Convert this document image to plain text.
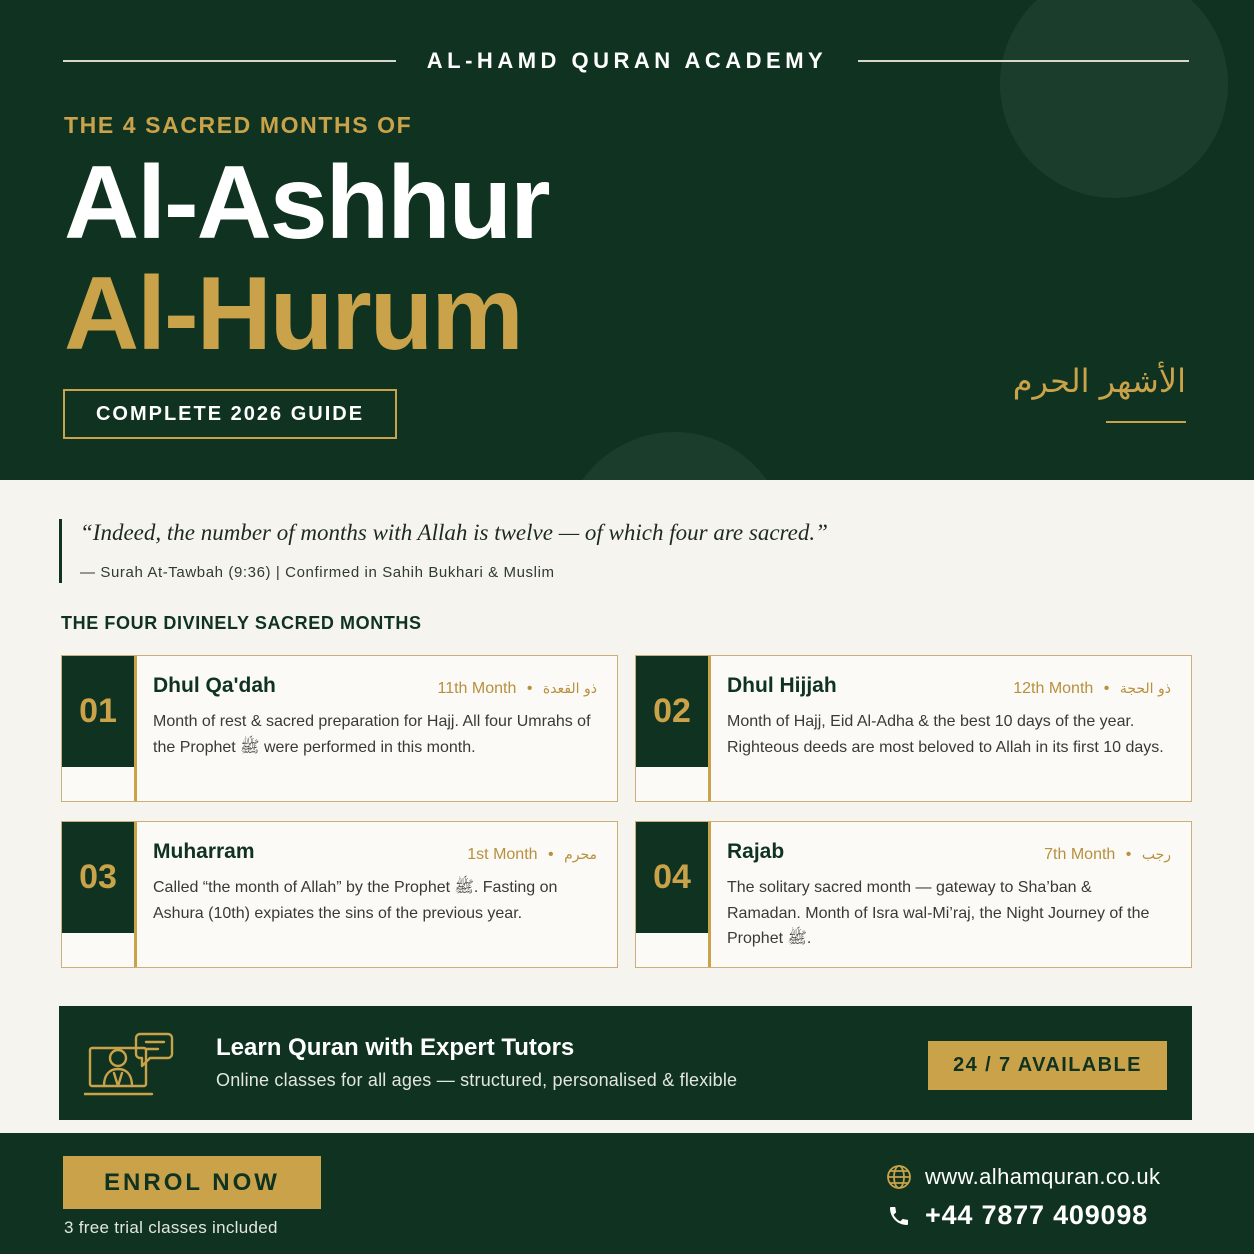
AL-HAMD QURAN ACADEMY
THE 4 SACRED MONTHS OF
Al-Ashhur
Al-Hurum
COMPLETE 2026 GUIDE
الأشهر الحرم
“Indeed, the number of months with Allah is twelve — of which four are sacred.”
— Surah At-Tawbah (9:36) | Confirmed in Sahih Bukhari & Muslim
THE FOUR DIVINELY SACRED MONTHS
01
Dhul Qa'dah	11th Month • ذو القعدة
Month of rest & sacred preparation for Hajj. All four Umrahs of the Prophet ﷺ were performed in this month.
02
Dhul Hijjah	12th Month • ذو الحجة
Month of Hajj, Eid Al-Adha & the best 10 days of the year. Righteous deeds are most beloved to Allah in its first 10 days.
03
Muharram	1st Month • محرم
Called “the month of Allah” by the Prophet ﷺ. Fasting on Ashura (10th) expiates the sins of the previous year.
04
Rajab	7th Month • رجب
The solitary sacred month — gateway to Sha’ban & Ramadan. Month of Isra wal-Mi’raj, the Night Journey of the Prophet ﷺ.
Learn Quran with Expert Tutors
Online classes for all ages — structured, personalised & flexible
24 / 7 AVAILABLE
ENROL NOW
3 free trial classes included
www.alhamquran.co.uk
+44 7877 409098
